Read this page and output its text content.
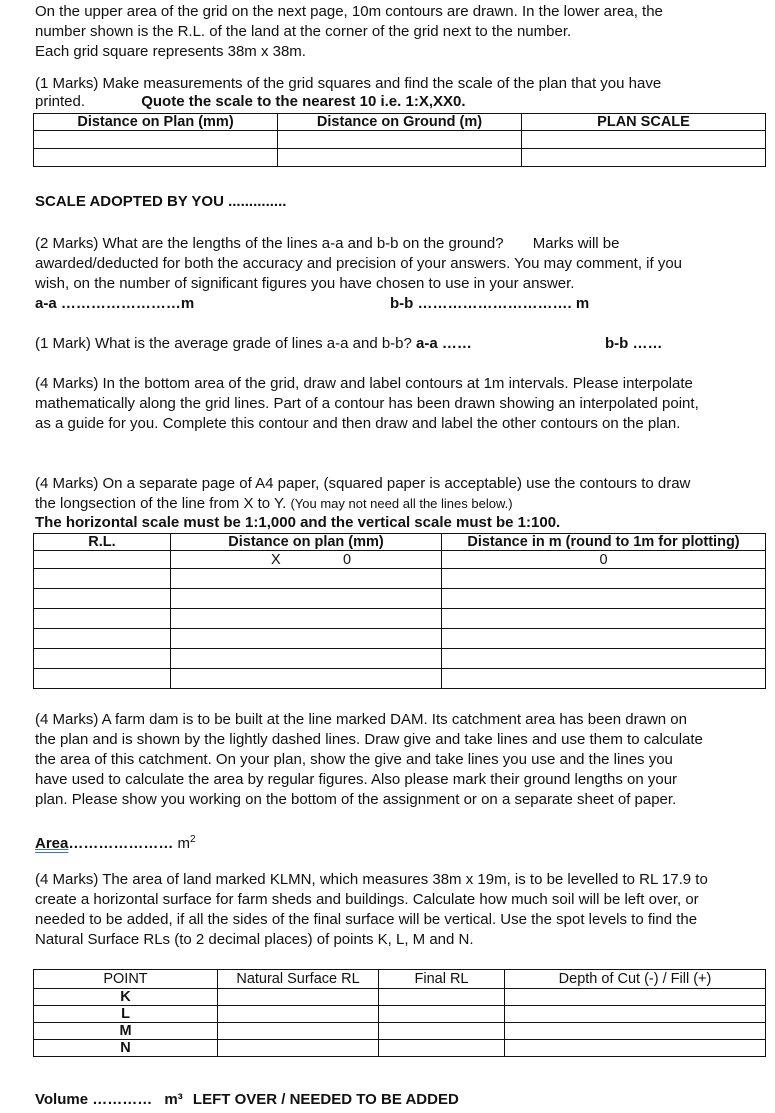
On the upper area of the grid on the next page, 10m contours are drawn. In the lower area, the
number shown is the R.L. of the land at the corner of the grid next to the number.
Each grid square represents 38m x 38m.
(1 Marks) Make measurements of the grid squares and find the scale of the plan that you have
printed.	Quote the scale to the nearest 10 i.e. 1:X,XX0.
Distance on Plan (mm)	Distance on Ground (m)	PLAN SCALE

SCALE ADOPTED BY YOU ..............
(2 Marks) What are the lengths of the lines a-a and b-b on the ground?       Marks will be
awarded/deducted for both the accuracy and precision of your answers. You may comment, if you
wish, on the number of significant figures you have chosen to use in your answer.
a-a ……………………m	b-b …………………………. m
(1 Mark) What is the average grade of lines a-a and b-b? a-a ……	b-b ……
(4 Marks) In the bottom area of the grid, draw and label contours at 1m intervals. Please interpolate
mathematically along the grid lines. Part of a contour has been drawn showing an interpolated point,
as a guide for you. Complete this contour and then draw and label the other contours on the plan.
(4 Marks) On a separate page of A4 paper, (squared paper is acceptable) use the contours to draw
the longsection of the line from X to Y. (You may not need all the lines below.)
The horizontal scale must be 1:1,000 and the vertical scale must be 1:100.
R.L.	Distance on plan (mm)	Distance in m (round to 1m for plotting)

	X 0	0

(4 Marks) A farm dam is to be built at the line marked DAM. Its catchment area has been drawn on
the plan and is shown by the lightly dashed lines. Draw give and take lines and use them to calculate
the area of this catchment. On your plan, show the give and take lines you use and the lines you
have used to calculate the area by regular figures. Also please mark their ground lengths on your
plan. Please show you working on the bottom of the assignment or on a separate sheet of paper.
Area………………… $m^2$
(4 Marks) The area of land marked KLMN, which measures 38m x 19m, is to be levelled to RL 17.9 to
create a horizontal surface for farm sheds and buildings. Calculate how much soil will be left over, or
needed to be added, if all the sides of the final surface will be vertical. Use the spot levels to find the
Natural Surface RLs (to 2 decimal places) of points K, L, M and N.
POINT	Natural Surface RL	Final RL	Depth of Cut (-) / Fill (+)
K			
L			
M			
N			
Volume ………… m³ LEFT OVER / NEEDED TO BE ADDED
